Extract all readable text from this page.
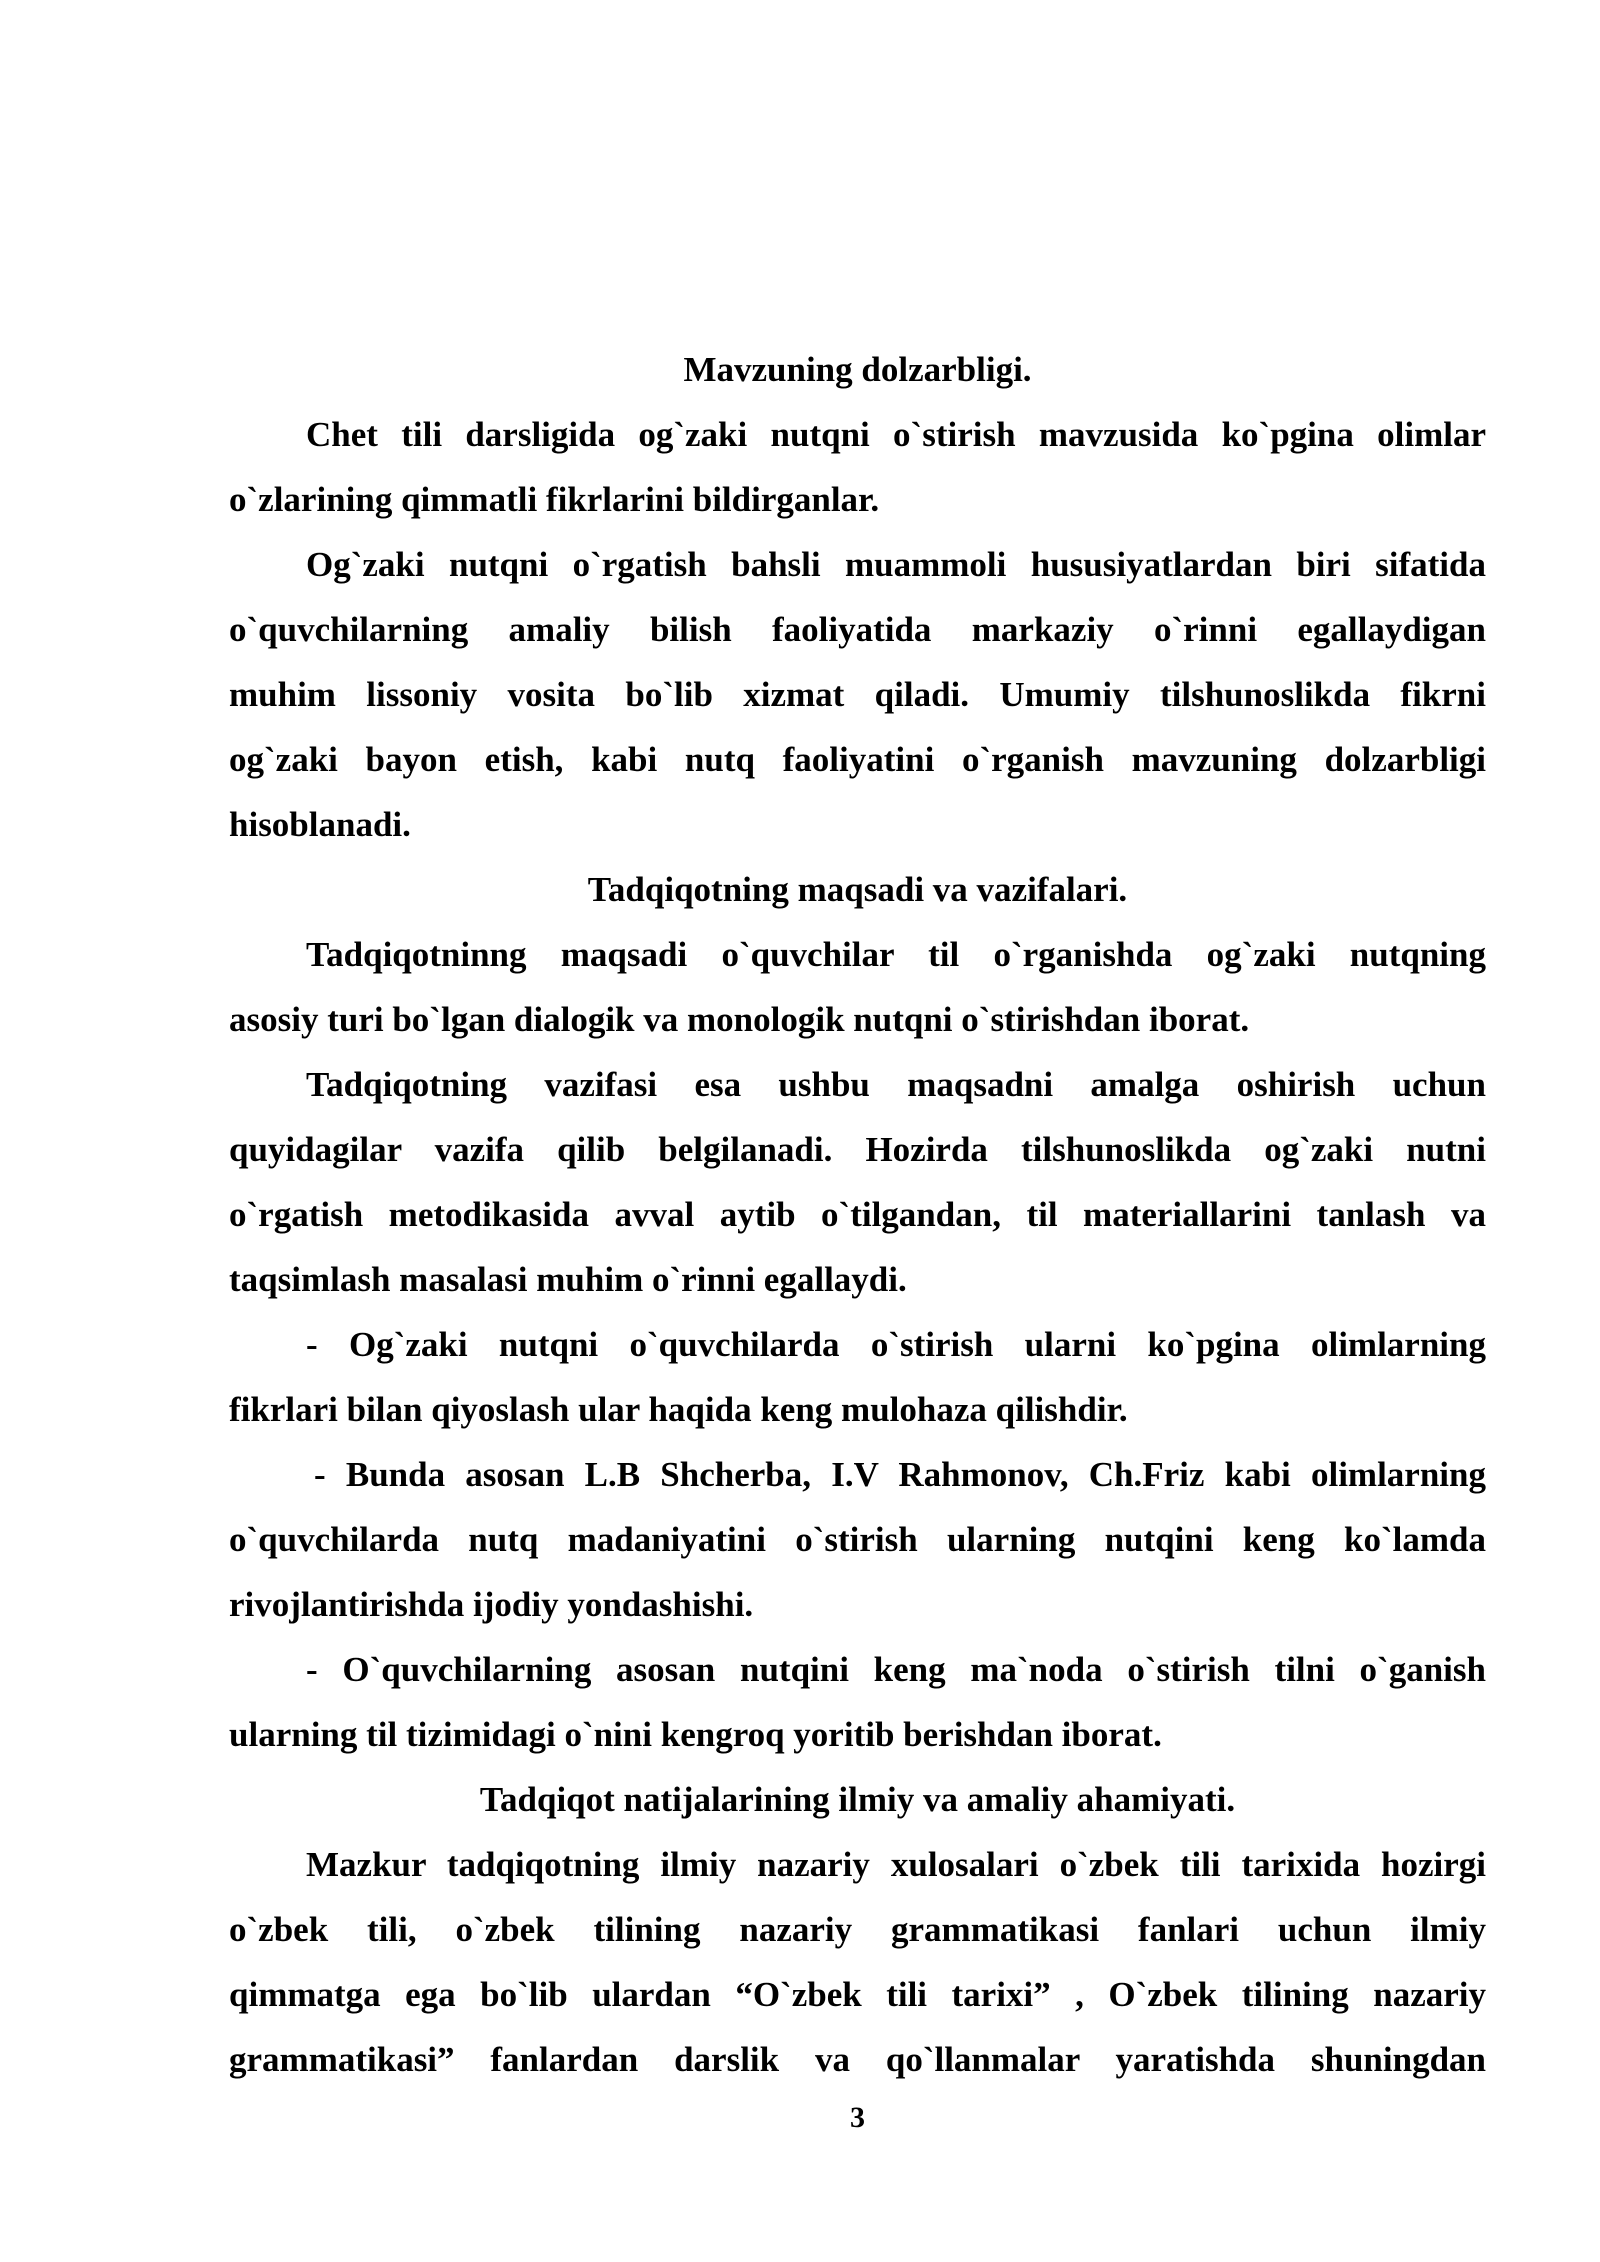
Mavzuning dolzarbligi.
Chet tili darsligida og`zaki nutqni o`stirish mavzusida ko`pgina olimlar
o`zlarining qimmatli fikrlarini bildirganlar.
Og`zaki nutqni o`rgatish bahsli muammoli hususiyatlardan biri sifatida
o`quvchilarning amaliy bilish faoliyatida markaziy o`rinni egallaydigan
muhim lissoniy vosita bo`lib xizmat qiladi. Umumiy tilshunoslikda fikrni
og`zaki bayon etish, kabi nutq faoliyatini o`rganish mavzuning dolzarbligi
hisoblanadi.
Tadqiqotning maqsadi va vazifalari.
Tadqiqotninng maqsadi o`quvchilar til o`rganishda og`zaki nutqning
asosiy turi bo`lgan dialogik va monologik nutqni o`stirishdan iborat.
Tadqiqotning vazifasi esa ushbu maqsadni amalga oshirish uchun
quyidagilar vazifa qilib belgilanadi. Hozirda tilshunoslikda og`zaki nutni
o`rgatish metodikasida avval aytib o`tilgandan, til materiallarini tanlash va
taqsimlash masalasi muhim o`rinni egallaydi.
- Og`zaki nutqni o`quvchilarda o`stirish ularni ko`pgina olimlarning
fikrlari bilan qiyoslash ular haqida keng mulohaza qilishdir.
- Bunda asosan L.B Shcherba, I.V Rahmonov, Ch.Friz kabi olimlarning
o`quvchilarda nutq madaniyatini o`stirish ularning nutqini keng ko`lamda
rivojlantirishda ijodiy yondashishi.
- O`quvchilarning asosan nutqini keng ma`noda o`stirish tilni o`ganish
ularning til tizimidagi o`nini kengroq yoritib berishdan iborat.
Tadqiqot natijalarining ilmiy va amaliy ahamiyati.
Mazkur tadqiqotning ilmiy nazariy xulosalari o`zbek tili tarixida hozirgi
o`zbek tili, o`zbek tilining nazariy grammatikasi fanlari uchun ilmiy
qimmatga ega bo`lib ulardan “O`zbek tili tarixi” , O`zbek tilining nazariy
grammatikasi” fanlardan darslik va qo`llanmalar yaratishda shuningdan
3
